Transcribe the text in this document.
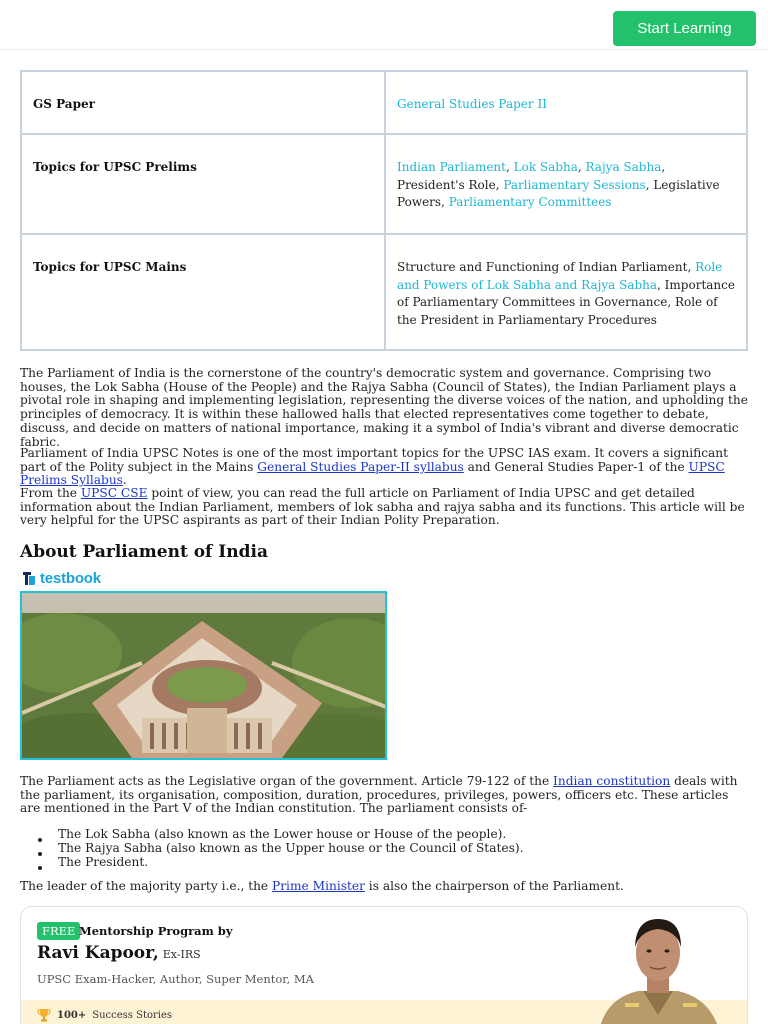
Start Learning
GS Paper	General Studies Paper II
Topics for UPSC Prelims	Indian Parliament, Lok Sabha, Rajya Sabha, President's Role, Parliamentary Sessions, Legislative Powers, Parliamentary Committees
Topics for UPSC Mains	Structure and Functioning of Indian Parliament, Role and Powers of Lok Sabha and Rajya Sabha, Importance of Parliamentary Committees in Governance, Role of the President in Parliamentary Procedures

The Parliament of India is the cornerstone of the country's democratic system and governance. Comprising two houses, the Lok Sabha (House of the People) and the Rajya Sabha (Council of States), the Indian Parliament plays a pivotal role in shaping and implementing legislation, representing the diverse voices of the nation, and upholding the principles of democracy. It is within these hallowed halls that elected representatives come together to debate, discuss, and decide on matters of national importance, making it a symbol of India's vibrant and diverse democratic fabric.

Parliament of India UPSC Notes is one of the most important topics for the UPSC IAS exam. It covers a significant part of the Polity subject in the Mains General Studies Paper-II syllabus and General Studies Paper-1 of the UPSC Prelims Syllabus.

From the UPSC CSE point of view, you can read the full article on Parliament of India UPSC and get detailed information about the Indian Parliament, members of lok sabha and rajya sabha and its functions. This article will be very helpful for the UPSC aspirants as part of their Indian Polity Preparation.

About Parliament of India
testbook

The Parliament acts as the Legislative organ of the government. Article 79-122 of the Indian constitution deals with the parliament, its organisation, composition, duration, procedures, privileges, powers, officers etc. These articles are mentioned in the Part V of the Indian constitution. The parliament consists of-

The Lok Sabha (also known as the Lower house or House of the people).
The Rajya Sabha (also known as the Upper house or the Council of States).
The President.

The leader of the majority party i.e., the Prime Minister is also the chairperson of the Parliament.

FREE Mentorship Program by
Ravi Kapoor, Ex-IRS
UPSC Exam-Hacker, Author, Super Mentor, MA
100+ Success Stories
